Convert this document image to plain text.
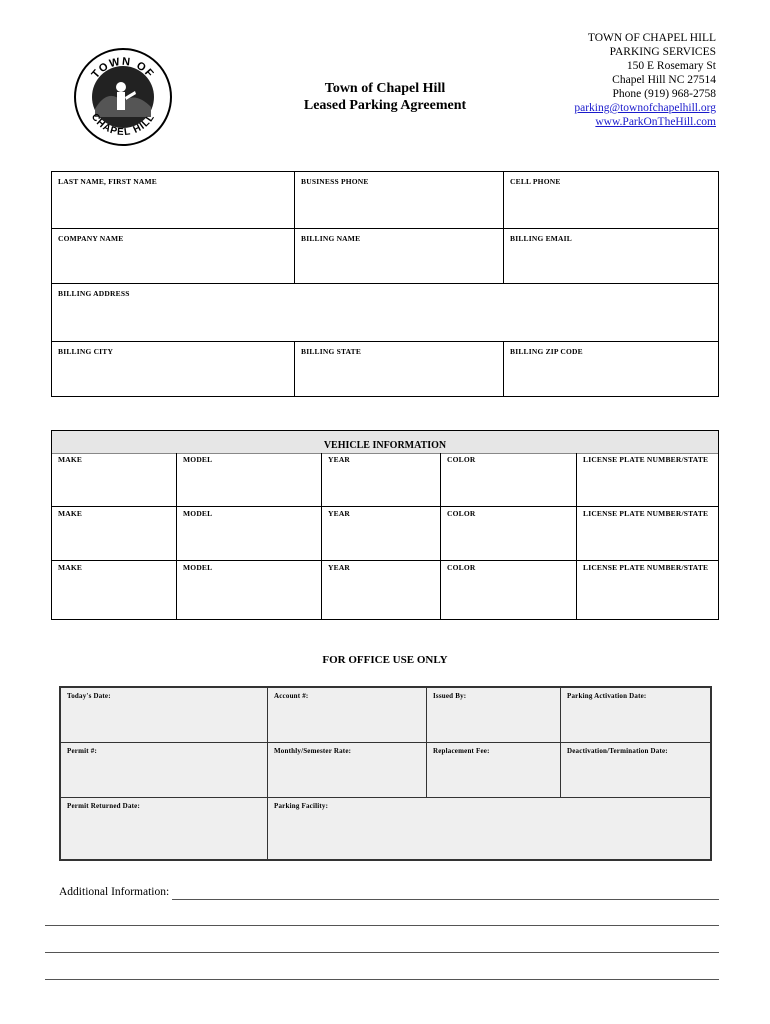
TOWN OF
CHAPEL HILL
Town of Chapel Hill
Leased Parking Agreement
TOWN OF CHAPEL HILL
PARKING SERVICES
150 E Rosemary St
Chapel Hill NC 27514
Phone (919) 968-2758
parking@townofchapelhill.org
www.ParkOnTheHill.com
LAST NAME, FIRST NAME	BUSINESS PHONE	CELL PHONE
COMPANY NAME	BILLING NAME	BILLING EMAIL
BILLING ADDRESS
BILLING CITY	BILLING STATE	BILLING ZIP CODE
VEHICLE INFORMATION
MAKE	MODEL	YEAR	COLOR	LICENSE PLATE NUMBER/STATE
MAKE	MODEL	YEAR	COLOR	LICENSE PLATE NUMBER/STATE
MAKE	MODEL	YEAR	COLOR	LICENSE PLATE NUMBER/STATE
FOR OFFICE USE ONLY
Today's Date:	Account #:	Issued By:	Parking Activation Date:
Permit #:	Monthly/Semester Rate:	Replacement Fee:	Deactivation/Termination Date:
Permit Returned Date:	Parking Facility:
Additional Information:
